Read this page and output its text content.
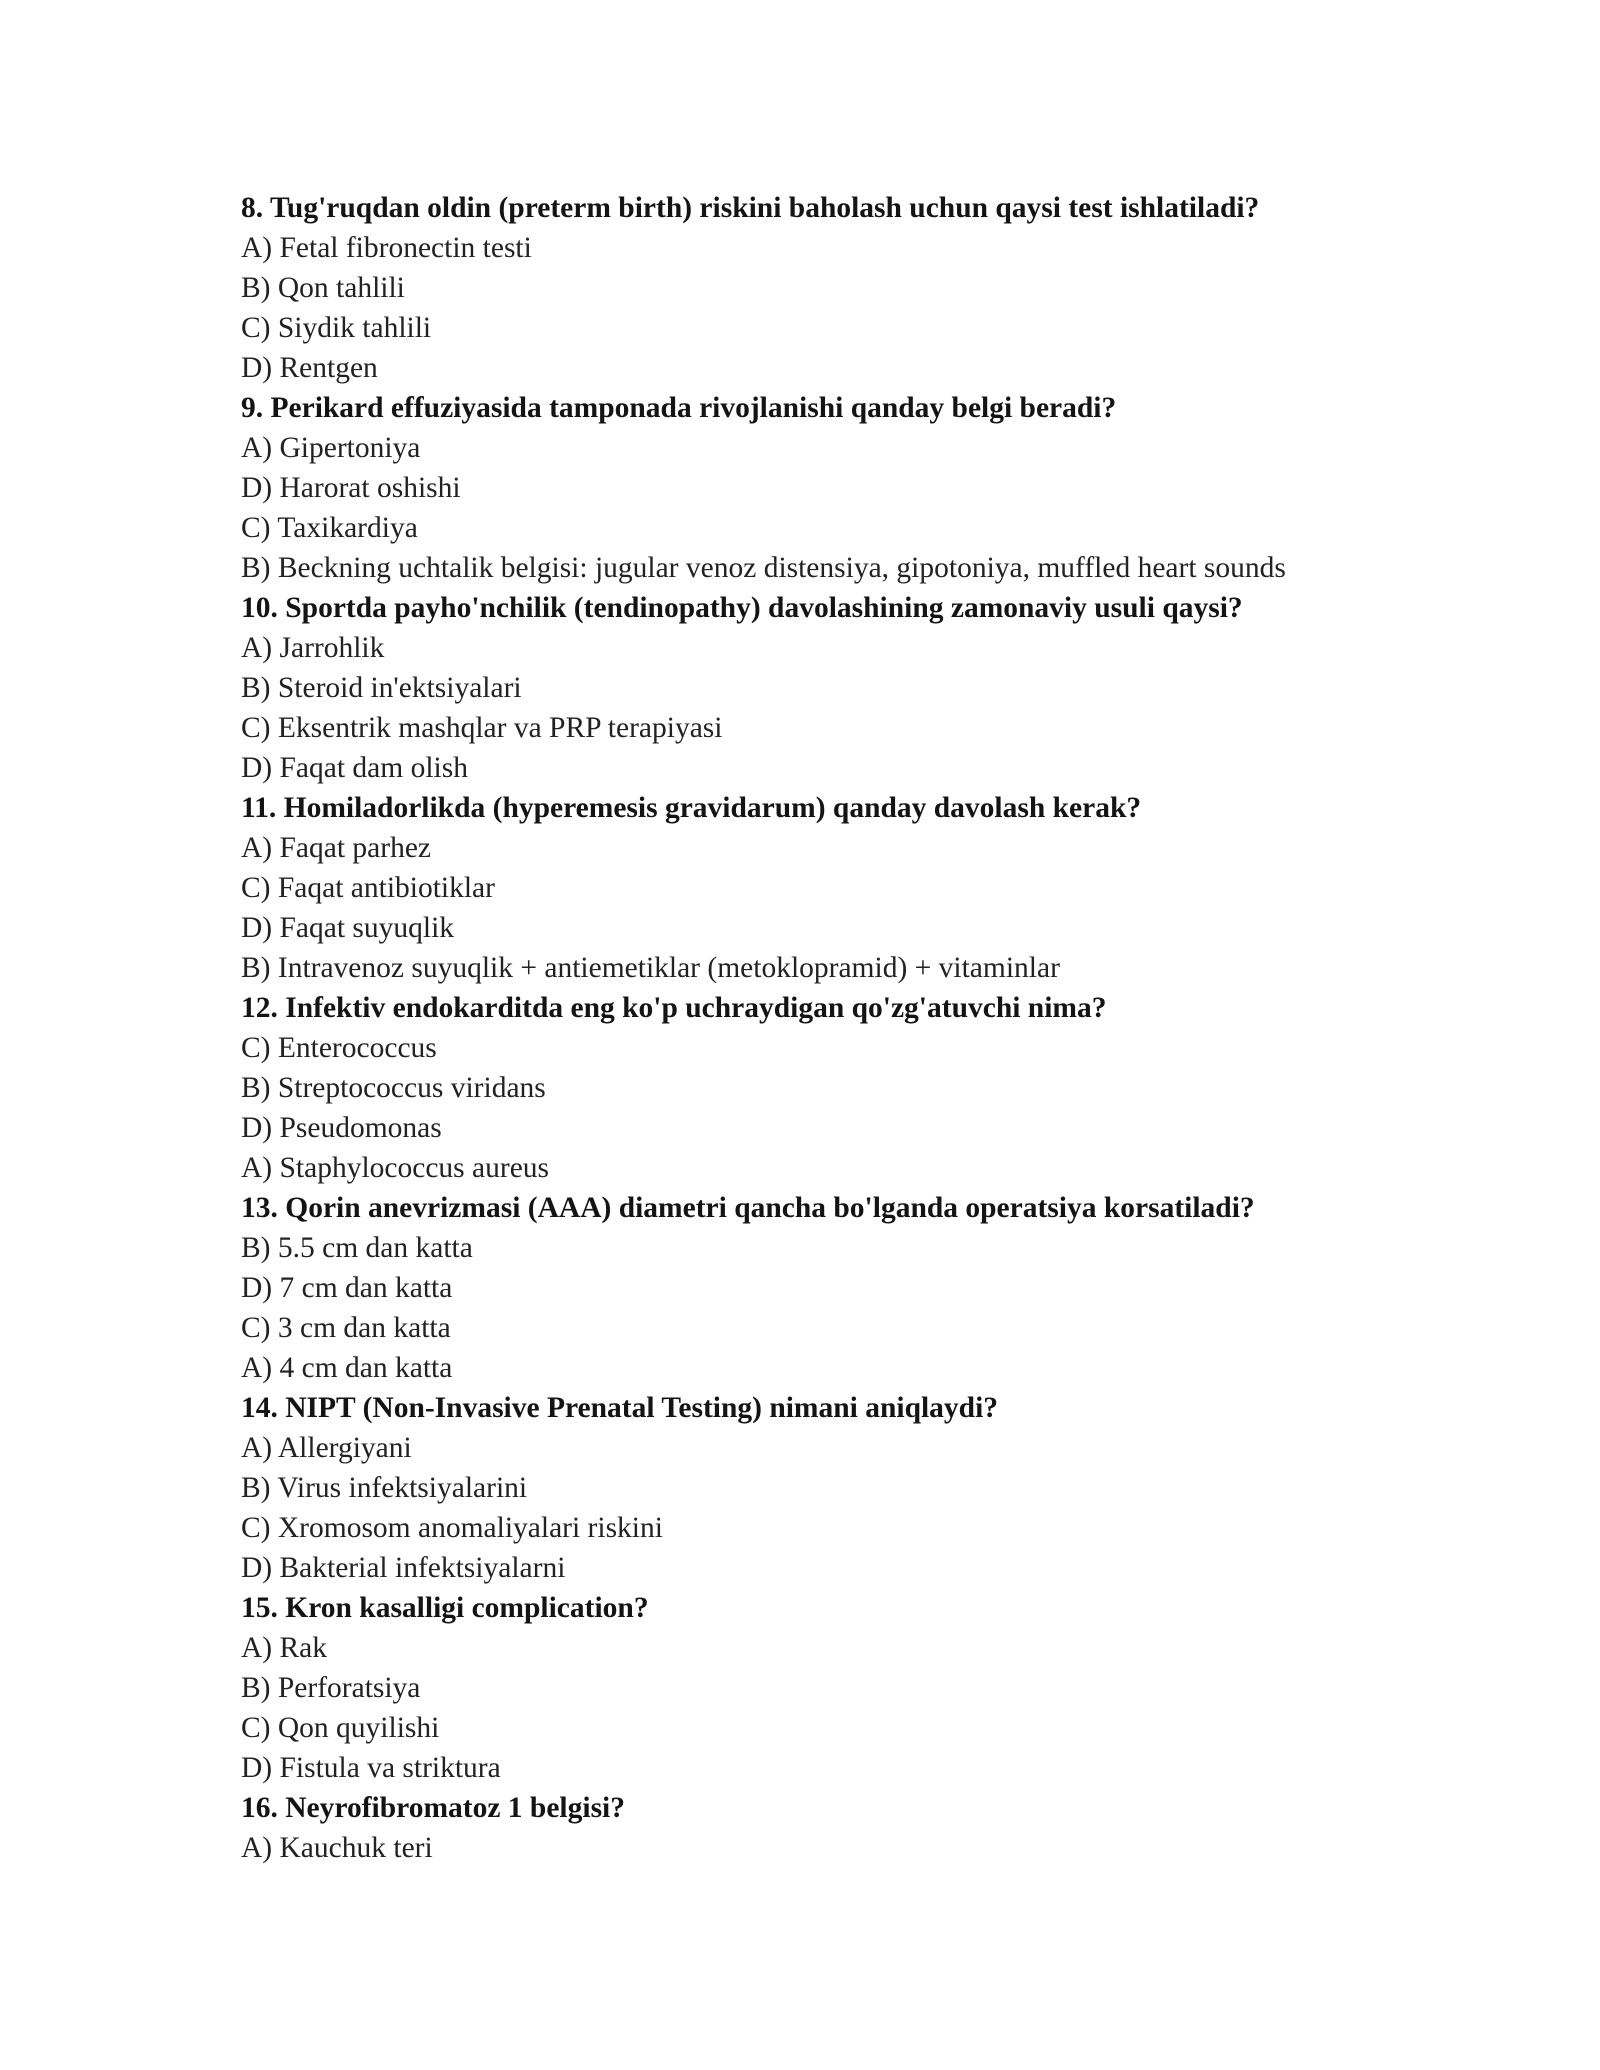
8. Tug'ruqdan oldin (preterm birth) riskini baholash uchun qaysi test ishlatiladi?
A) Fetal fibronectin testi
B) Qon tahlili
C) Siydik tahlili
D) Rentgen
9. Perikard effuziyasida tamponada rivojlanishi qanday belgi beradi?
A) Gipertoniya
D) Harorat oshishi
C) Taxikardiya
B) Beckning uchtalik belgisi: jugular venoz distensiya, gipotoniya, muffled heart sounds
10. Sportda payho'nchilik (tendinopathy) davolashining zamonaviy usuli qaysi?
A) Jarrohlik
B) Steroid in'ektsiyalari
C) Eksentrik mashqlar va PRP terapiyasi
D) Faqat dam olish
11. Homiladorlikda (hyperemesis gravidarum) qanday davolash kerak?
A) Faqat parhez
C) Faqat antibiotiklar
D) Faqat suyuqlik
B) Intravenoz suyuqlik + antiemetiklar (metoklopramid) + vitaminlar
12. Infektiv endokarditda eng ko'p uchraydigan qo'zg'atuvchi nima?
C) Enterococcus
B) Streptococcus viridans
D) Pseudomonas
A) Staphylococcus aureus
13. Qorin anevrizmasi (AAA) diametri qancha bo'lganda operatsiya korsatiladi?
B) 5.5 cm dan katta
D) 7 cm dan katta
C) 3 cm dan katta
A) 4 cm dan katta
14. NIPT (Non-Invasive Prenatal Testing) nimani aniqlaydi?
A) Allergiyani
B) Virus infektsiyalarini
C) Xromosom anomaliyalari riskini
D) Bakterial infektsiyalarni
15. Kron kasalligi complication?
A) Rak
B) Perforatsiya
C) Qon quyilishi
D) Fistula va striktura
16. Neyrofibromatoz 1 belgisi?
A) Kauchuk teri
